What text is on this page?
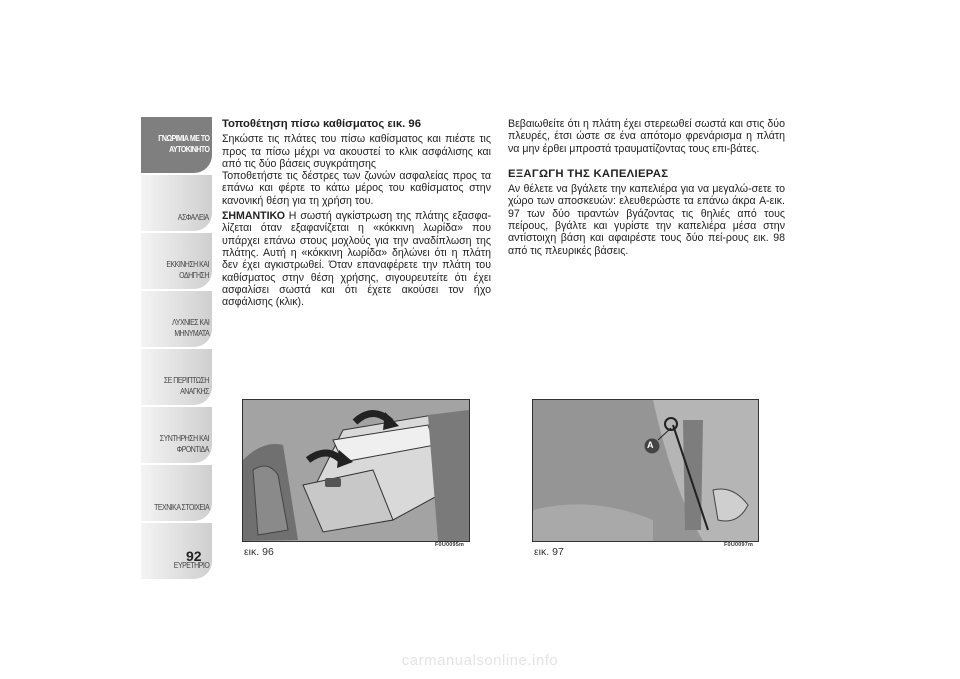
ΓΝΩΡΙΜΙΑ ΜΕ ΤΟ
ΑΥΤΟΚΙΝΗΤΟ
ΑΣΦΑΛΕΙΑ
ΕΚΚΙΝΗΣΗ ΚΑΙ
ΟΔΗΓΗΣΗ
ΛΥΧΝΙΕΣ ΚΑΙ
ΜΗΝΥΜΑΤΑ
ΣΕ ΠΕΡΙΠΤΩΣΗ
ΑΝΑΓΚΗΣ
ΣΥΝΤΗΡΗΣΗ ΚΑΙ
ΦΡΟΝΤΙΔΑ
ΤΕΧΝΙΚΑ ΣΤΟΙΧΕΙΑ
ΕΥΡΕΤΗΡΙΟ
92

Τοποθέτηση πίσω καθίσματος εικ. 96

Σηκώστε τις πλάτες του πίσω καθίσματος και πιέστε τις προς τα πίσω μέχρι να ακουστεί το κλικ ασφάλισης και από τις δύο βάσεις συγκράτησης

Τοποθετήστε τις δέστρες των ζωνών ασφαλείας προς τα επάνω και φέρτε το κάτω μέρος του καθίσματος στην κανονική θέση για τη χρήση του.

ΣΗΜΑΝΤΙΚΟ Η σωστή αγκίστρωση της πλάτης εξασφα-λίζεται όταν εξαφανίζεται η «κόκκινη λωρίδα» που υπάρχει επάνω στους μοχλούς για την αναδίπλωση της πλάτης. Αυτή η «κόκκινη λωρίδα» δηλώνει ότι η πλάτη δεν έχει αγκιστρωθεί. Όταν επαναφέρετε την πλάτη του καθίσματος στην θέση χρήσης, σιγουρευτείτε ότι έχει ασφαλίσει σωστά και ότι έχετε ακούσει τον ήχο ασφάλισης (κλικ).

Βεβαιωθείτε ότι η πλάτη έχει στερεωθεί σωστά και στις δύο πλευρές, έτσι ώστε σε ένα απότομο φρενάρισμα η πλάτη να μην έρθει μπροστά τραυματίζοντας τους επι-βάτες.

ΕΞΑΓΩΓΗ ΤΗΣ ΚΑΠΕΛΙΕΡΑΣ

Αν θέλετε να βγάλετε την καπελιέρα για να μεγαλώ-σετε το χώρο των αποσκευών: ελευθερώστε τα επάνω άκρα A-εικ. 97 των δύο τιραντών βγάζοντας τις θηλιές από τους πείρους, βγάλτε και γυρίστε την καπελιέρα μέσα στην αντίστοιχη βάση και αφαιρέστε τους δύο πεί-ρους εικ. 98 από τις πλευρικές βάσεις.

εικ. 96
F0U0095m
A
εικ. 97
F0U0097m
carmanualsonline.info
